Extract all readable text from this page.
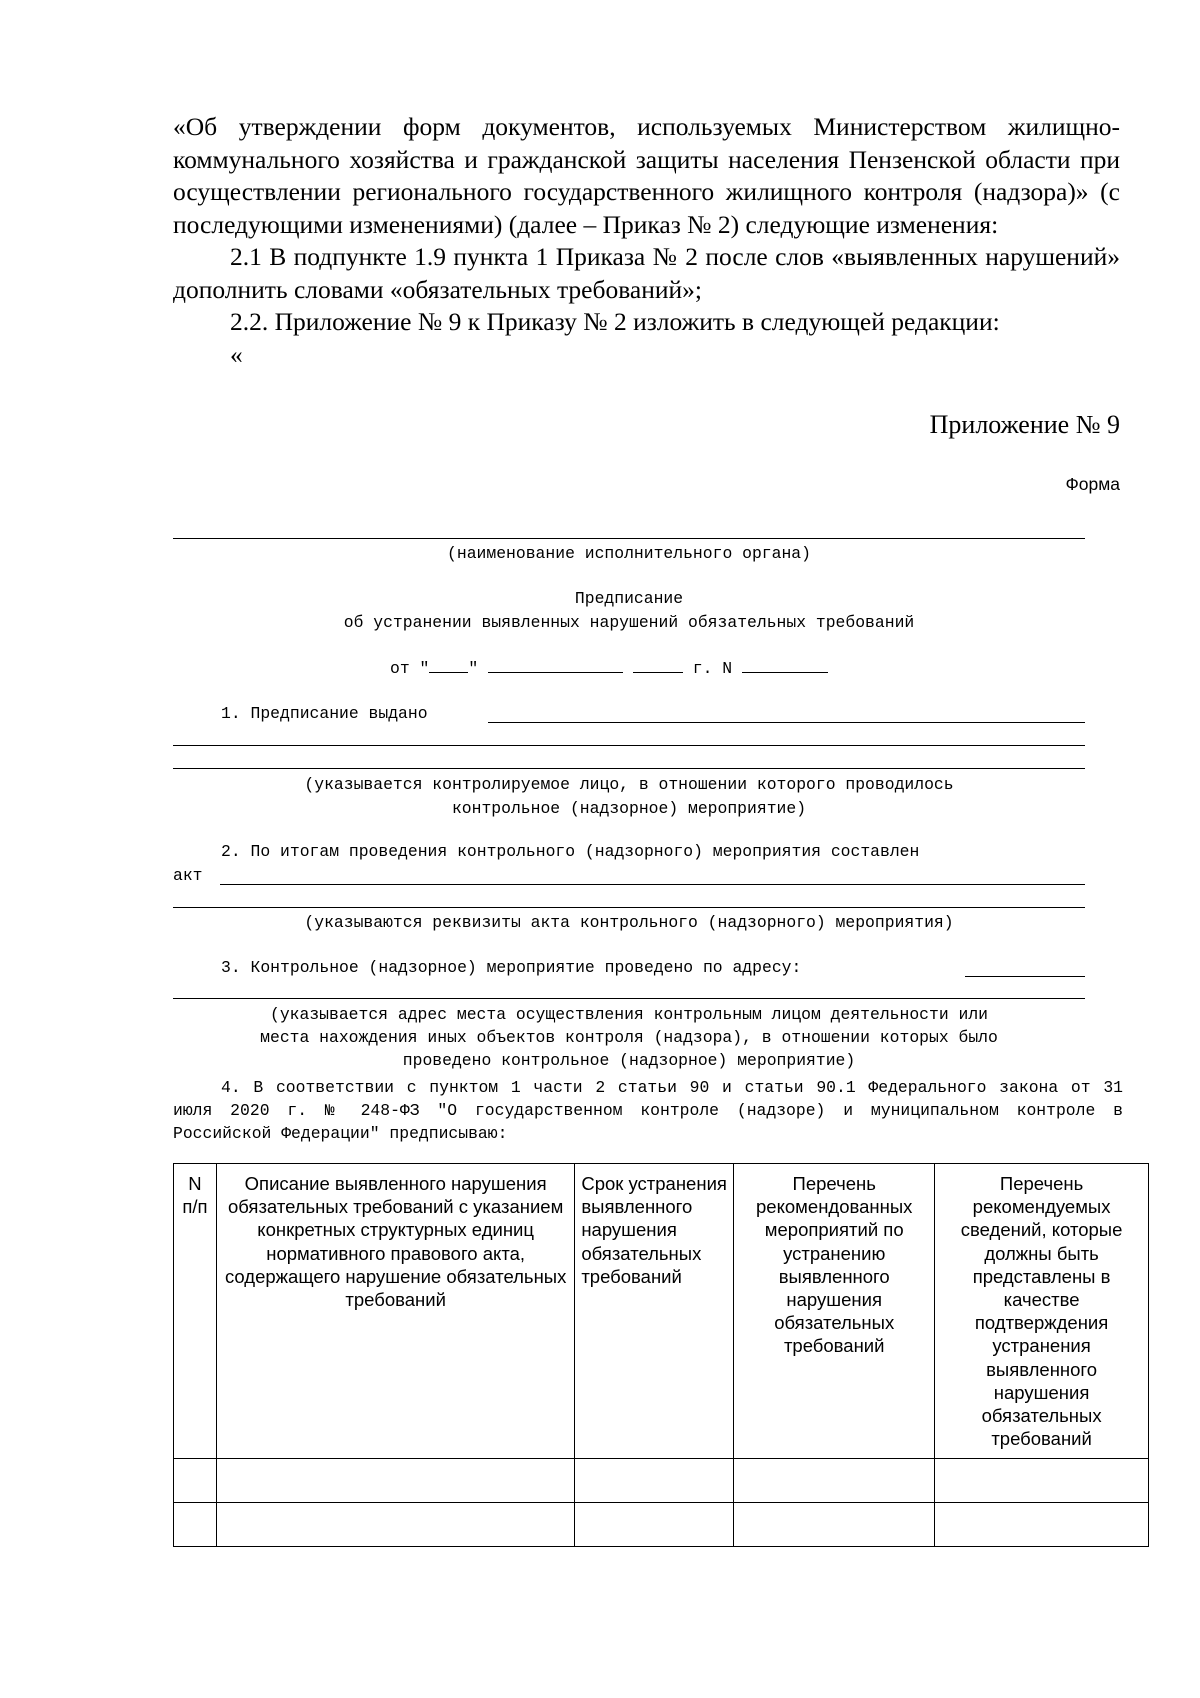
«Об утверждении форм документов, используемых Министерством жилищно-коммунального хозяйства и гражданской защиты населения Пензенской области при осуществлении регионального государственного жилищного контроля (надзора)» (с последующими изменениями) (далее – Приказ № 2) следующие изменения:

2.1 В подпункте 1.9 пункта 1 Приказа № 2 после слов «выявленных нарушений» дополнить словами «обязательных требований»;

2.2. Приложение № 9 к Приказу № 2 изложить в следующей редакции:

«

Приложение № 9
Форма
(наименование исполнительного органа)
Предписание
об устранении выявленных нарушений обязательных требований
от " "	г. N
1. Предписание выдано
(указывается контролируемое лицо, в отношении которого проводилось
контрольное (надзорное) мероприятие)
2. По итогам проведения контрольного (надзорного) мероприятия составлен
акт
(указываются реквизиты акта контрольного (надзорного) мероприятия)
3. Контрольное (надзорное) мероприятие проведено по адресу:
(указывается адрес места осуществления контрольным лицом деятельности или
места нахождения иных объектов контроля (надзора), в отношении которых было
проведено контрольное (надзорное) мероприятие)

4. В соответствии с пунктом 1 части 2 статьи 90 и статьи 90.1 Федерального закона от 31 июля 2020 г. № 248-ФЗ "О государственном контроле (надзоре) и муниципальном контроле в Российской Федерации" предписываю:

N п/п	Описание выявленного нарушения обязательных требований с указанием конкретных структурных единиц нормативного правового акта, содержащего нарушение обязательных требований	Срок устранения выявленного нарушения обязательных требований	Перечень рекомендованных мероприятий по устранению выявленного нарушения обязательных требований	Перечень рекомендуемых сведений, которые должны быть представлены в качестве подтверждения устранения выявленного нарушения обязательных требований
